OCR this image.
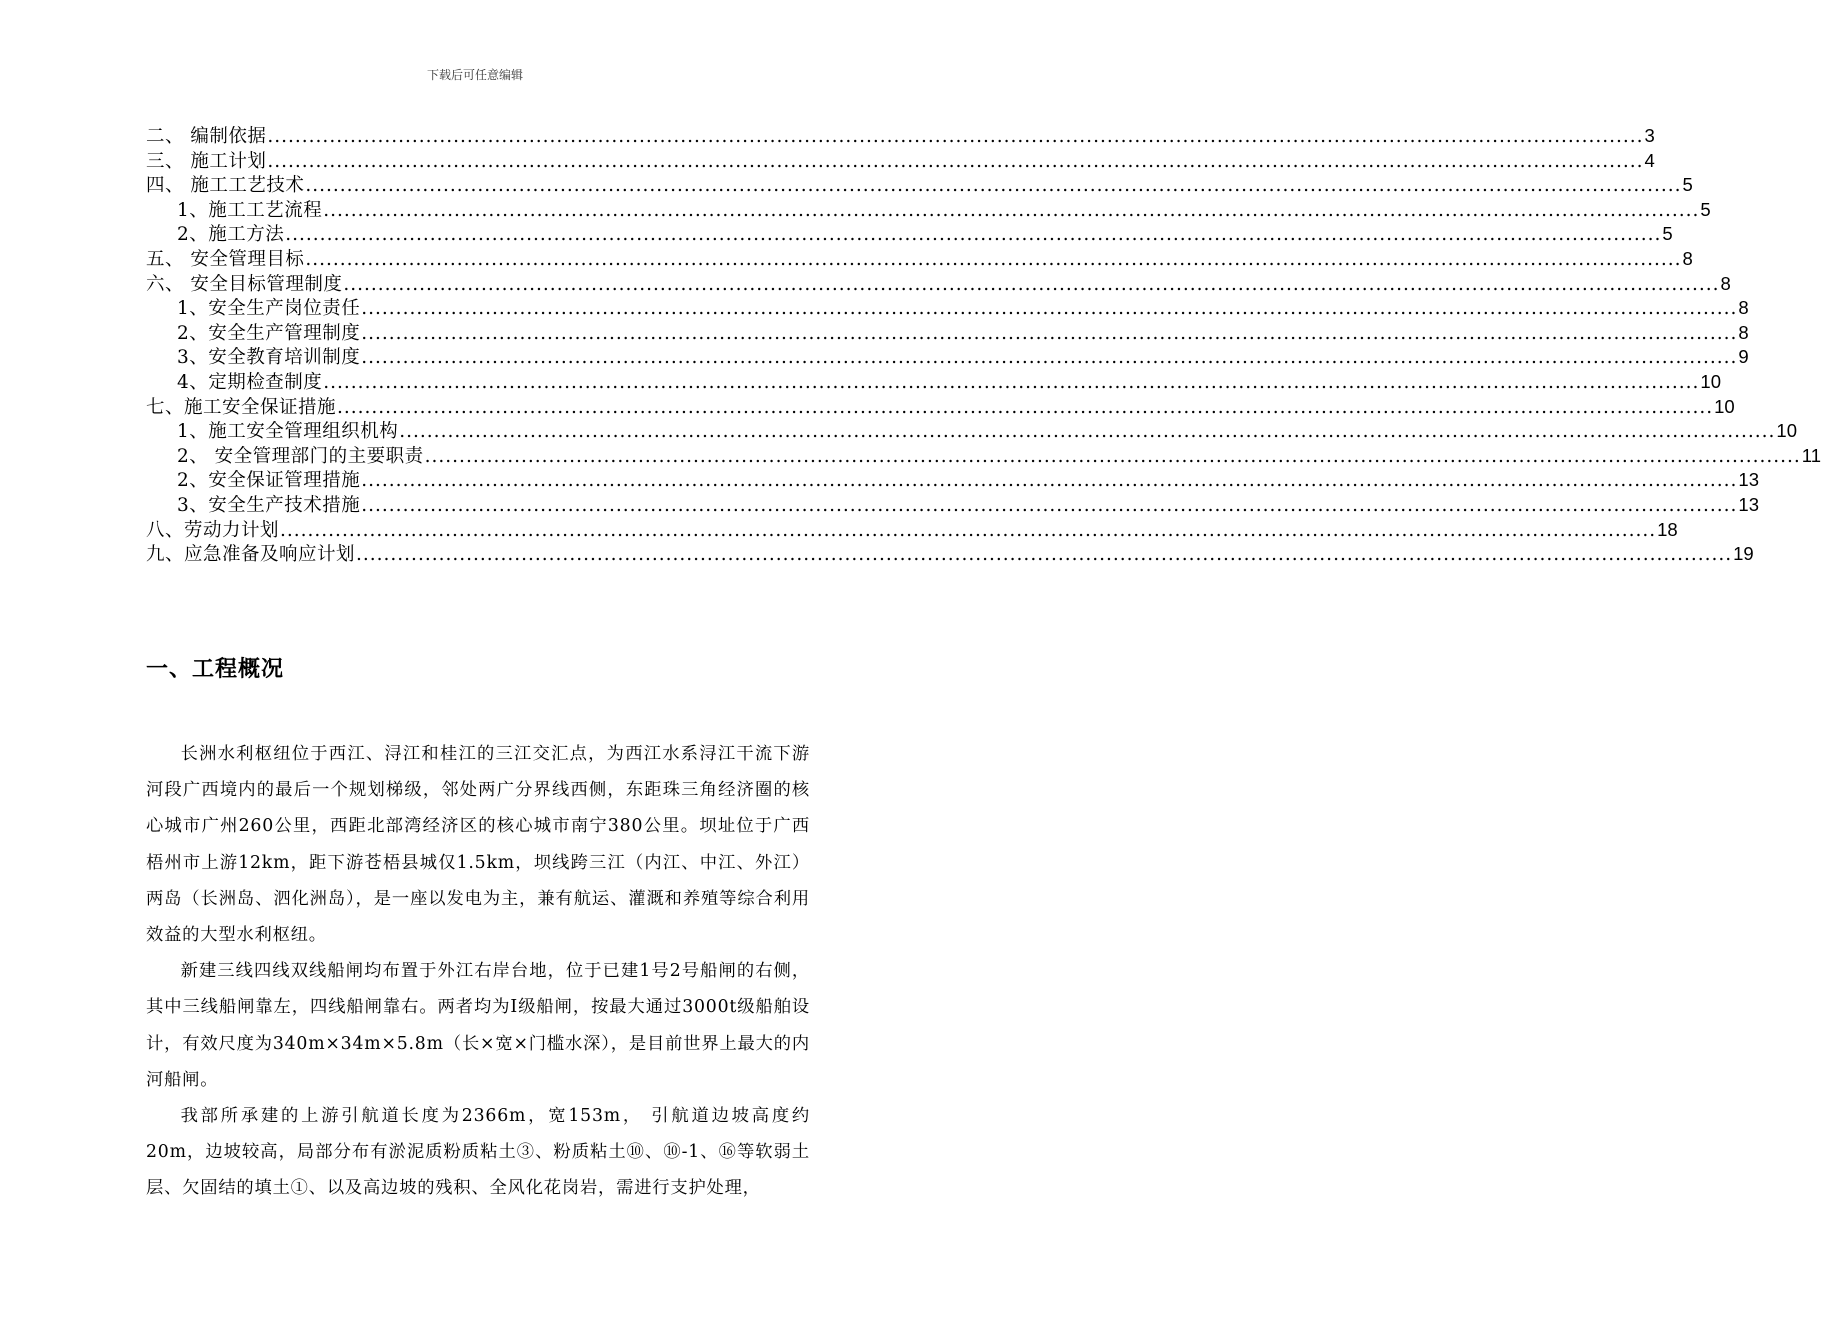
下载后可任意编辑
二、 编制依据 ........................................................................................................................................................................................................ 3
三、 施工计划 ........................................................................................................................................................................................................ 4
四、 施工工艺技术 ........................................................................................................................................................................................................ 5
1、施工工艺流程 ........................................................................................................................................................................................................ 5
2、施工方法 ........................................................................................................................................................................................................ 5
五、 安全管理目标 ........................................................................................................................................................................................................ 8
六、 安全目标管理制度 ........................................................................................................................................................................................................ 8
1、安全生产岗位责任 ........................................................................................................................................................................................................ 8
2、安全生产管理制度 ........................................................................................................................................................................................................ 8
3、安全教育培训制度 ........................................................................................................................................................................................................ 9
4、定期检查制度 ........................................................................................................................................................................................................ 10
七、施工安全保证措施 ........................................................................................................................................................................................................ 10
1、施工安全管理组织机构 ........................................................................................................................................................................................................ 10
2、 安全管理部门的主要职责 ........................................................................................................................................................................................................ 11
2、安全保证管理措施 ........................................................................................................................................................................................................ 13
3、安全生产技术措施 ........................................................................................................................................................................................................ 13
八、劳动力计划 ........................................................................................................................................................................................................ 18
九、应急准备及响应计划 ........................................................................................................................................................................................................ 19
一、工程概况

长洲水利枢纽位于西江、浔江和桂江的三江交汇点，为西江水系浔江干流下游河段广西境内的最后一个规划梯级，邻处两广分界线西侧，东距珠三角经济圈的核心城市广州260公里，西距北部湾经济区的核心城市南宁380公里。坝址位于广西梧州市上游12km，距下游苍梧县城仅1.5km，坝线跨三江（内江、中江、外江）两岛（长洲岛、泗化洲岛），是一座以发电为主，兼有航运、灌溉和养殖等综合利用效益的大型水利枢纽。

新建三线四线双线船闸均布置于外江右岸台地，位于已建1号2号船闸的右侧，其中三线船闸靠左，四线船闸靠右。两者均为Ⅰ级船闸，按最大通过3000t级船舶设计，有效尺度为340m×34m×5.8m（长×宽×门槛水深），是目前世界上最大的内河船闸。

我部所承建的上游引航道长度为2366m，宽153m， 引航道边坡高度约20m，边坡较高，局部分布有淤泥质粉质粘土③、粉质粘土⑩、⑩-1、⑯等软弱土层、欠固结的填土①、以及高边坡的残积、全风化花岗岩，需进行支护处理，
